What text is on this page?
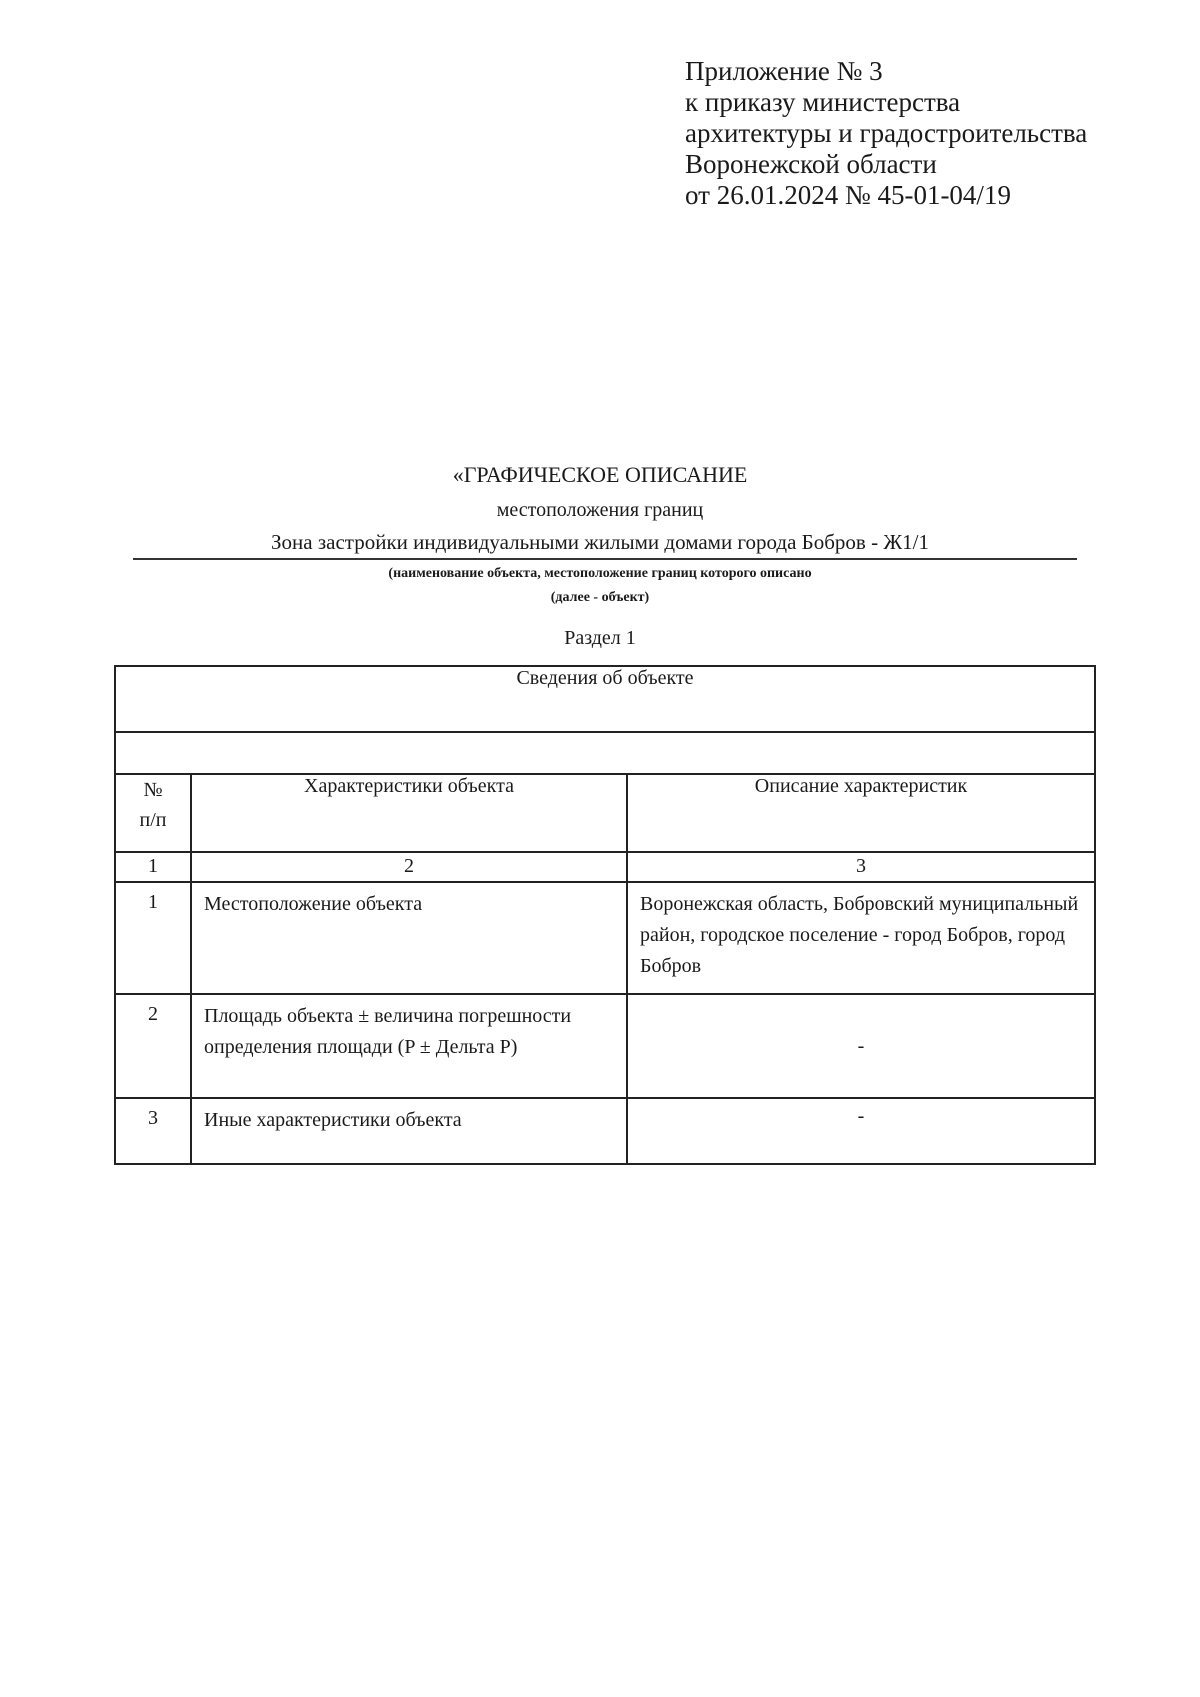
Приложение № 3
к приказу министерства
архитектуры и градостроительства
Воронежской области
от 26.01.2024 № 45-01-04/19
«ГРАФИЧЕСКОЕ ОПИСАНИЕ
местоположения границ
Зона застройки индивидуальными жилыми домами города Бобров - Ж1/1
(наименование объекта, местоположение границ которого описано
(далее - объект)
Раздел 1
Сведения об объекте		

№
п/п	Характеристики объекта	Описание характеристик
1	2	3
1	Местоположение объекта	Воронежская область, Бобровский муниципальный район, городское поселение - город Бобров, город Бобров
2	Площадь объекта ± величина погрешности определения площади (P ± Дельта P)	-
3	Иные характеристики объекта	-
